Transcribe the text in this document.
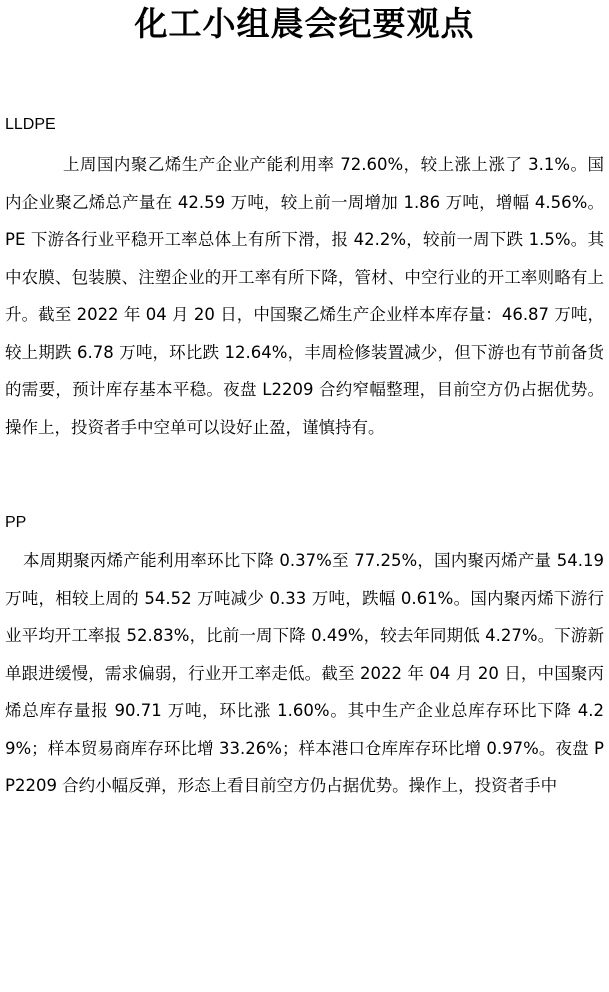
化工小组晨会纪要观点
LLDPE

上周国内聚乙烯生产企业产能利用率 72.60%，较上涨上涨了 3.1%。国内企业聚乙烯总产量在 42.59 万吨，较上前一周增加 1.86 万吨，增幅 4.56%。 PE 下游各行业平稳开工率总体上有所下滑，报 42.2%，较前一周下跌 1.5%。其中农膜、包装膜、注塑企业的开工率有所下降，管材、中空行业的开工率则略有上升。截至 2022 年 04 月 20 日，中国聚乙烯生产企业样本库存量：46.87 万吨，较上期跌 6.78 万吨，环比跌 12.64%，丰周检修装置减少，但下游也有节前备货的需要，预计库存基本平稳。夜盘 L2209 合约窄幅整理，目前空方仍占据优势。操作上，投资者手中空单可以设好止盈，谨慎持有。

PP

本周期聚丙烯产能利用率环比下降 0.37%至 77.25%，国内聚丙烯产量 54.19 万吨，相较上周的 54.52 万吨减少 0.33 万吨，跌幅 0.61%。国内聚丙烯下游行业平均开工率报 52.83%，比前一周下降 0.49%，较去年同期低 4.27%。下游新单跟进缓慢，需求偏弱，行业开工率走低。截至 2022 年 04 月 20 日，中国聚丙烯总库存量报 90.71 万吨，环比涨 1.60%。其中生产企业总库存环比下降 4.29%；样本贸易商库存环比增 33.26%；样本港口仓库库存环比增 0.97%。夜盘 PP2209 合约小幅反弹，形态上看目前空方仍占据优势。操作上，投资者手中
